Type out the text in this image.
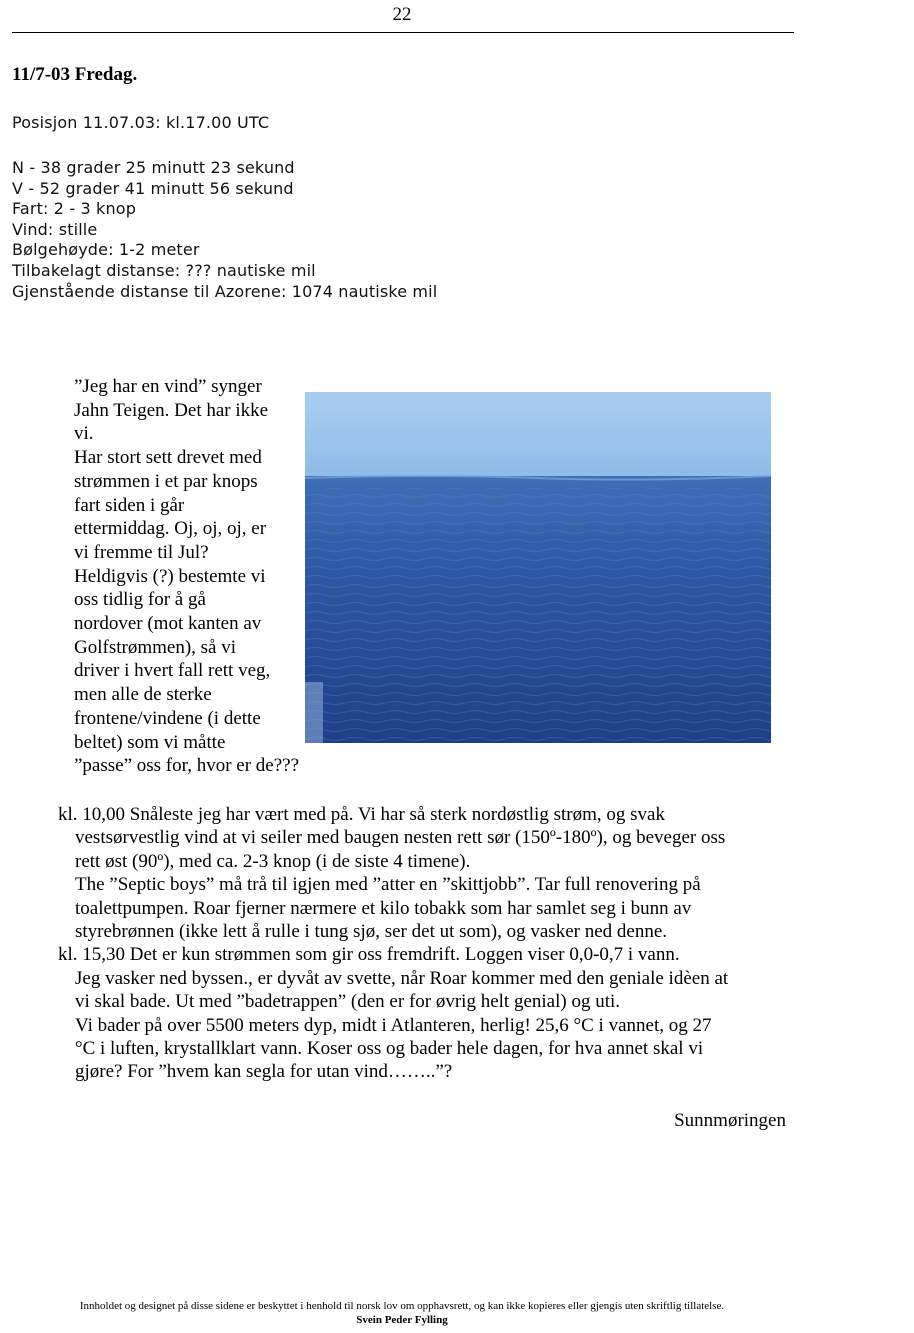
22
11/7-03 Fredag.
Posisjon 11.07.03: kl.17.00 UTC
N - 38 grader 25 minutt 23 sekund
V - 52 grader 41 minutt 56 sekund
Fart: 2 - 3 knop
Vind: stille
Bølgehøyde: 1-2 meter
Tilbakelagt distanse: ??? nautiske mil
Gjenstående distanse til Azorene: 1074 nautiske mil

”Jeg har en vind” synger

Jahn Teigen. Det har ikke

vi.

Har stort sett drevet med

strømmen i et par knops

fart siden i går

ettermiddag. Oj, oj, oj, er

vi fremme til Jul?

Heldigvis (?) bestemte vi

oss tidlig for å gå

nordover (mot kanten av

Golfstrømmen), så vi

driver i hvert fall rett veg,

men alle de sterke

frontene/vindene (i dette

beltet) som vi måtte

”passe” oss for, hvor er de???

kl. 10,00 Snåleste jeg har vært med på. Vi har så sterk nordøstlig strøm, og svak
vestsørvestlig vind at vi seiler med baugen nesten rett sør (150º-180º), og beveger oss
rett øst (90º), med ca. 2-3 knop (i de siste 4 timene).
The ”Septic boys” må trå til igjen med ”atter en ”skittjobb”. Tar full renovering på
toalettpumpen. Roar fjerner nærmere et kilo tobakk som har samlet seg i bunn av
styrebrønnen (ikke lett å rulle i tung sjø, ser det ut som), og vasker ned denne.

kl. 15,30 Det er kun strømmen som gir oss fremdrift. Loggen viser 0,0-0,7 i vann.
Jeg vasker ned byssen., er dyvåt av svette, når Roar kommer med den geniale idèen at
vi skal bade. Ut med ”badetrappen” (den er for øvrig helt genial) og uti.
Vi bader på over 5500 meters dyp, midt i Atlanteren, herlig! 25,6 °C i vannet, og 27
°C i luften, krystallklart vann. Koser oss og bader hele dagen, for hva annet skal vi
gjøre? For ”hvem kan segla for utan vind……..”?

Sunnmøringen
Innholdet og designet på disse sidene er beskyttet i henhold til norsk lov om opphavsrett, og kan ikke kopieres eller gjengis uten skriftlig tillatelse.
Svein Peder Fylling
